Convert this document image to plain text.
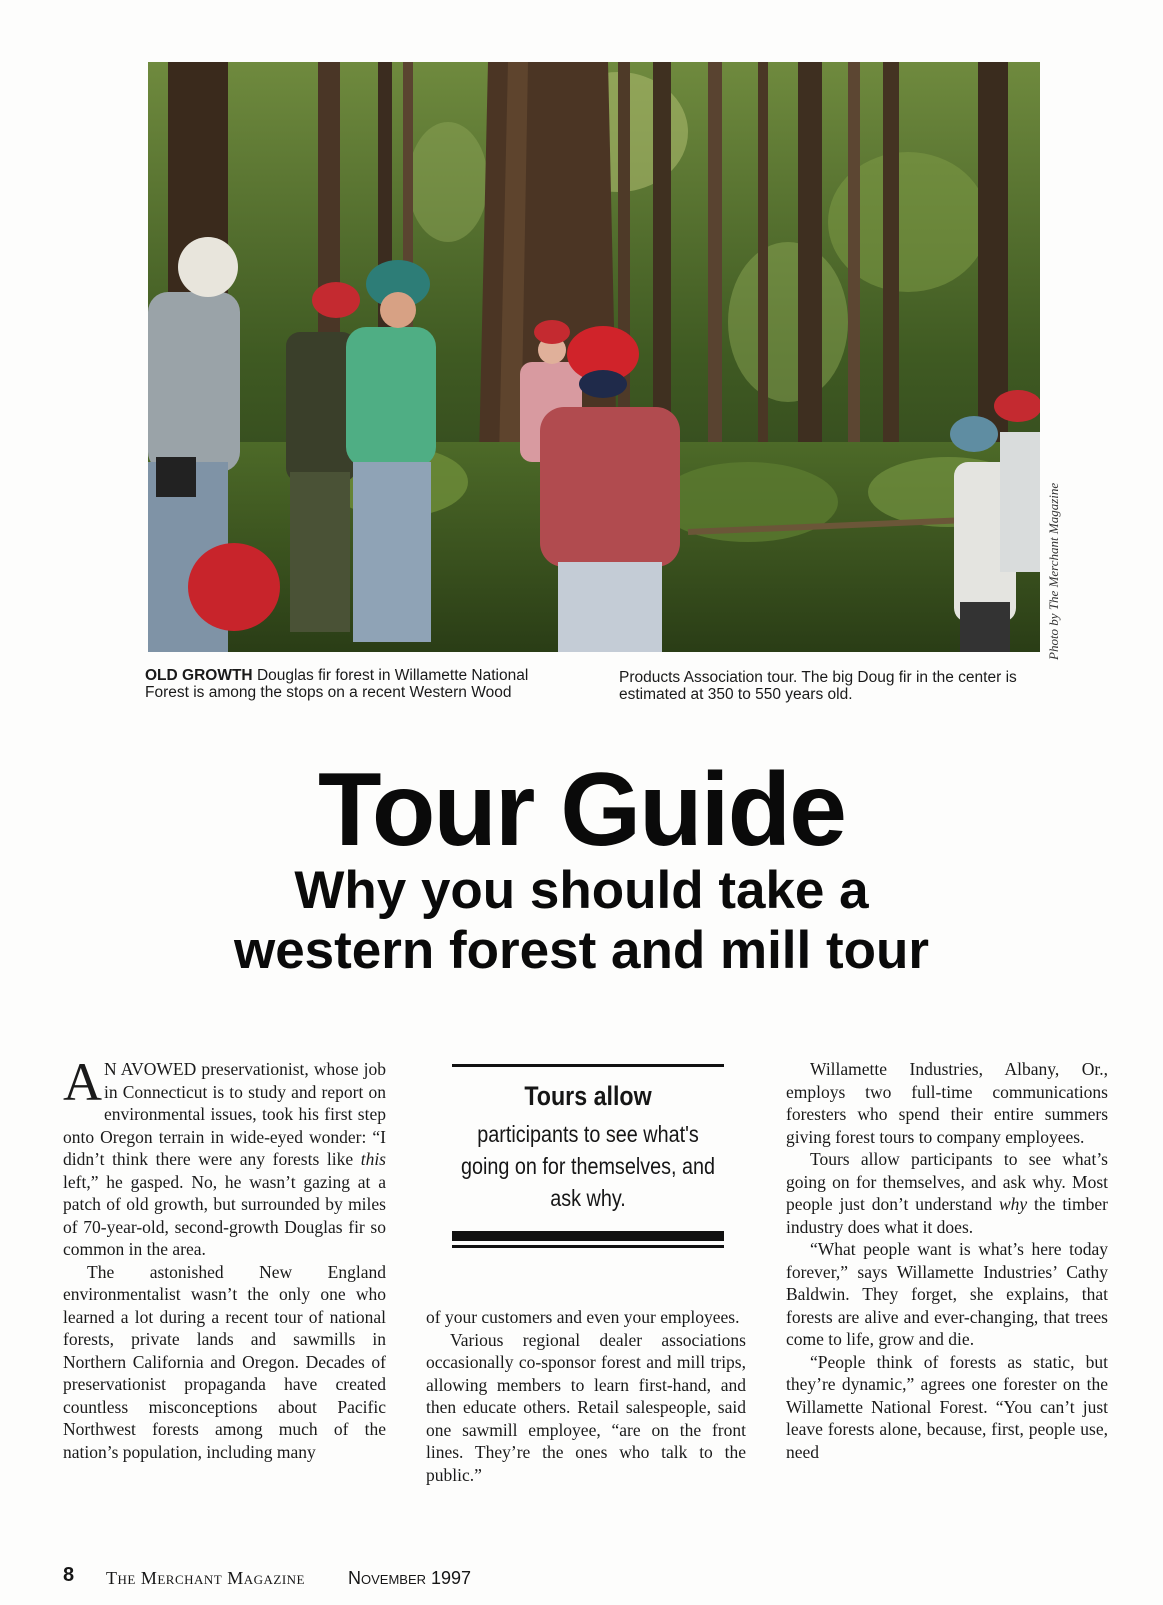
Photo by The Merchant Magazine
OLD GROWTH Douglas fir forest in Willamette National Forest is among the stops on a recent Western Wood
Products Association tour. The big Doug fir in the center is estimated at 350 to 550 years old.
Tour Guide
Why you should take a
western forest and mill tour

A N AVOWED preservationist, whose job in Connecticut is to study and report on environmental issues, took his first step onto Oregon terrain in wide-eyed wonder: “I didn’t think there were any forests like this left,” he gasped. No, he wasn’t gazing at a patch of old growth, but surrounded by miles of 70-year-old, second-growth Douglas fir so common in the area.

The astonished New England environmentalist wasn’t the only one who learned a lot during a recent tour of national forests, private lands and sawmills in Northern California and Oregon. Decades of preservationist propaganda have created countless misconceptions about Pacific Northwest forests among much of the nation’s population, including many

Tours allow
participants to see what's going on for themselves, and ask why.

of your customers and even your employees.

Various regional dealer associations occasionally co-sponsor forest and mill trips, allowing members to learn first-hand, and then educate others. Retail salespeople, said one sawmill employee, “are on the front lines. They’re the ones who talk to the public.”

Willamette Industries, Albany, Or., employs two full-time communications foresters who spend their entire summers giving forest tours to company employees.

Tours allow participants to see what’s going on for themselves, and ask why. Most people just don’t understand why the timber industry does what it does.

“What people want is what’s here today forever,” says Willamette Industries’ Cathy Baldwin. They forget, she explains, that forests are alive and ever-changing, that trees come to life, grow and die.

“People think of forests as static, but they’re dynamic,” agrees one forester on the Willamette National Forest. “You can’t just leave forests alone, because, first, people use, need

8 The Merchant Magazine November 1997
